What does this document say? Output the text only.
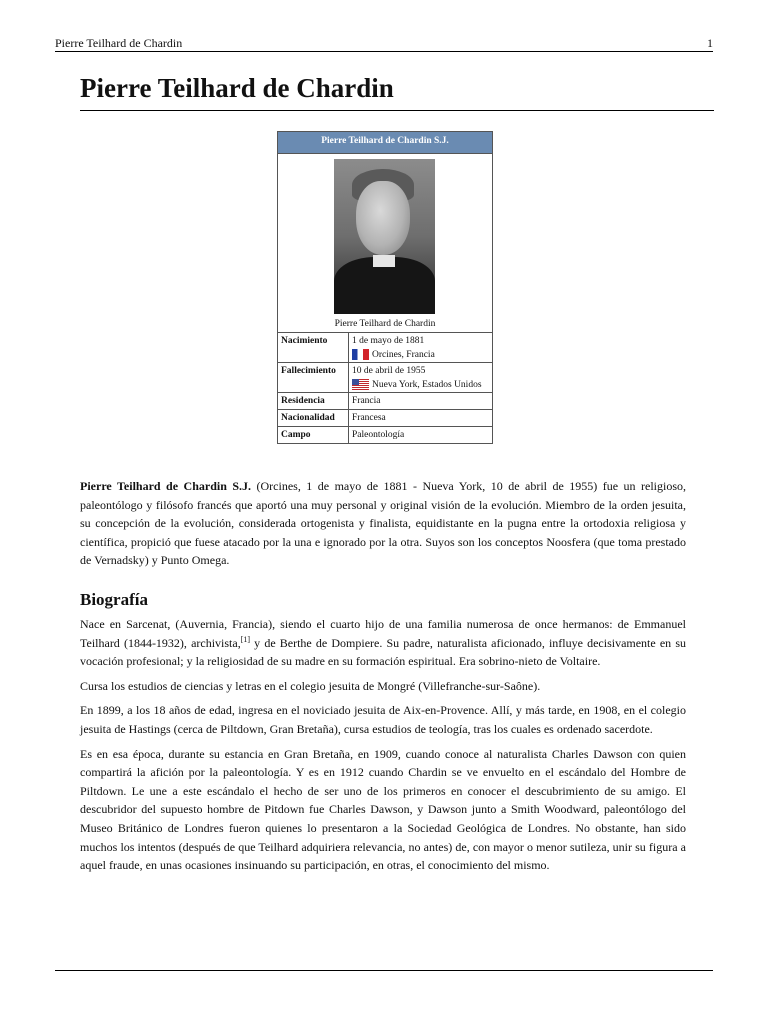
Pierre Teilhard de Chardin	1
Pierre Teilhard de Chardin
Pierre Teilhard de Chardin S.J.
Pierre Teilhard de Chardin
Nacimiento	1 de mayo de 1881
Orcines, Francia
Fallecimiento	10 de abril de 1955
Nueva York, Estados Unidos
Residencia	Francia
Nacionalidad	Francesa
Campo	Paleontología

Pierre Teilhard de Chardin S.J. (Orcines, 1 de mayo de 1881 - Nueva York, 10 de abril de 1955) fue un religioso, paleontólogo y filósofo francés que aportó una muy personal y original visión de la evolución. Miembro de la orden jesuita, su concepción de la evolución, considerada ortogenista y finalista, equidistante en la pugna entre la ortodoxia religiosa y científica, propició que fuese atacado por la una e ignorado por la otra. Suyos son los conceptos Noosfera (que toma prestado de Vernadsky) y Punto Omega.

Biografía

Nace en Sarcenat, (Auvernia, Francia), siendo el cuarto hijo de una familia numerosa de once hermanos: de Emmanuel Teilhard (1844-1932), archivista,[1] y de Berthe de Dompiere. Su padre, naturalista aficionado, influye decisivamente en su vocación profesional; y la religiosidad de su madre en su formación espiritual. Era sobrino-nieto de Voltaire.

Cursa los estudios de ciencias y letras en el colegio jesuita de Mongré (Villefranche-sur-Saône).

En 1899, a los 18 años de edad, ingresa en el noviciado jesuita de Aix-en-Provence. Allí, y más tarde, en 1908, en el colegio jesuita de Hastings (cerca de Piltdown, Gran Bretaña), cursa estudios de teología, tras los cuales es ordenado sacerdote.

Es en esa época, durante su estancia en Gran Bretaña, en 1909, cuando conoce al naturalista Charles Dawson con quien compartirá la afición por la paleontología. Y es en 1912 cuando Chardin se ve envuelto en el escándalo del Hombre de Piltdown. Le une a este escándalo el hecho de ser uno de los primeros en conocer el descubrimiento de su amigo. El descubridor del supuesto hombre de Pitdown fue Charles Dawson, y Dawson junto a Smith Woodward, paleontólogo del Museo Británico de Londres fueron quienes lo presentaron a la Sociedad Geológica de Londres. No obstante, han sido muchos los intentos (después de que Teilhard adquiriera relevancia, no antes) de, con mayor o menor sutileza, unir su figura a aquel fraude, en unas ocasiones insinuando su participación, en otras, el conocimiento del mismo.
